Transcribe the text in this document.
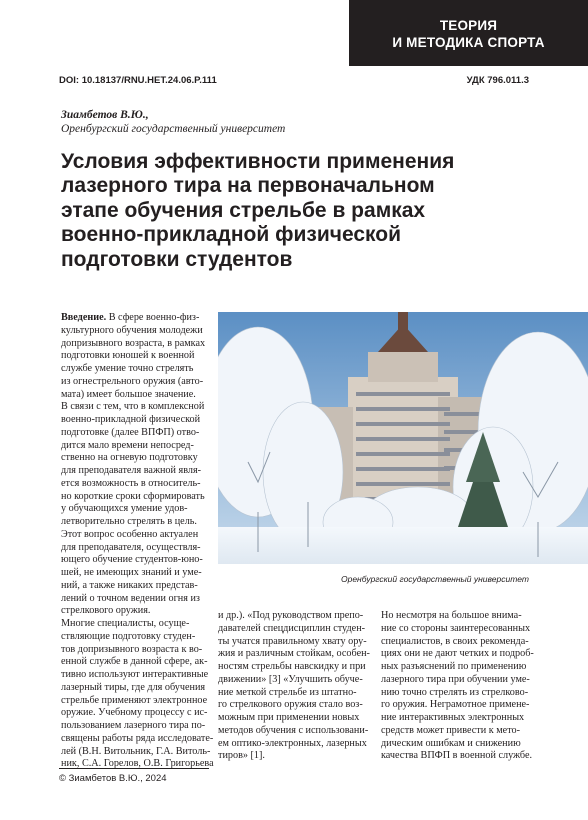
ТЕОРИЯ
И МЕТОДИКА СПОРТА
DOI: 10.18137/RNU.HET.24.06.P.111	УДК 796.011.3
Зиамбетов В.Ю.,
Оренбургский государственный университет
Условия эффективности применения
лазерного тира на первоначальном
этапе обучения стрельбе в рамках
военно-прикладной физической
подготовки студентов
Введение. В сфере военно-физ-
культурного обучения молодежи
допризывного возраста, в рамках
подготовки юношей к военной
службе умение точно стрелять
из огнестрельного оружия (авто-
мата) имеет большое значение.
В связи с тем, что в комплексной
военно-прикладной физической
подготовке (далее ВПФП) отво-
дится мало времени непосред-
ственно на огневую подготовку
для преподавателя важной явля-
ется возможность в относитель-
но короткие сроки сформировать
у обучающихся умение удов-
летворительно стрелять в цель.
Этот вопрос особенно актуален
для преподавателя, осуществля-
ющего обучение студентов-юно-
шей, не имеющих знаний и уме-
ний, а также никаких представ-
лений о точном ведении огня из
стрелкового оружия.
Многие специалисты, осуще-
ствляющие подготовку студен-
тов допризывного возраста к во-
енной службе в данной сфере, ак-
тивно используют интерактивные
лазерный тиры, где для обучения
стрельбе применяют электронное
оружие. Учебному процессу с ис-
пользованием лазерного тира по-
священы работы ряда исследовате-
лей (В.Н. Витольник, Г.А. Витоль-
ник, С.А. Горелов, О.В. Григорьева
Оренбургский государственный университет
и др.). «Под руководством препо-
давателей спецдисциплин студен-
ты учатся правильному хвату ору-
жия и различным стойкам, особен-
ностям стрельбы навскидку и при
движении» [3] «Улучшить обуче-
ние меткой стрельбе из штатно-
го стрелкового оружия стало воз-
можным при применении новых
методов обучения с использовани-
ем оптико-электронных, лазерных
тиров» [1].
Но несмотря на большое внима-
ние со стороны заинтересованных
специалистов, в своих рекоменда-
циях они не дают четких и подроб-
ных разъяснений по применению
лазерного тира при обучении уме-
нию точно стрелять из стрелково-
го оружия. Неграмотное примене-
ние интерактивных электронных
средств может привести к мето-
дическим ошибкам и снижению
качества ВПФП в военной службе.
© Зиамбетов В.Ю., 2024
